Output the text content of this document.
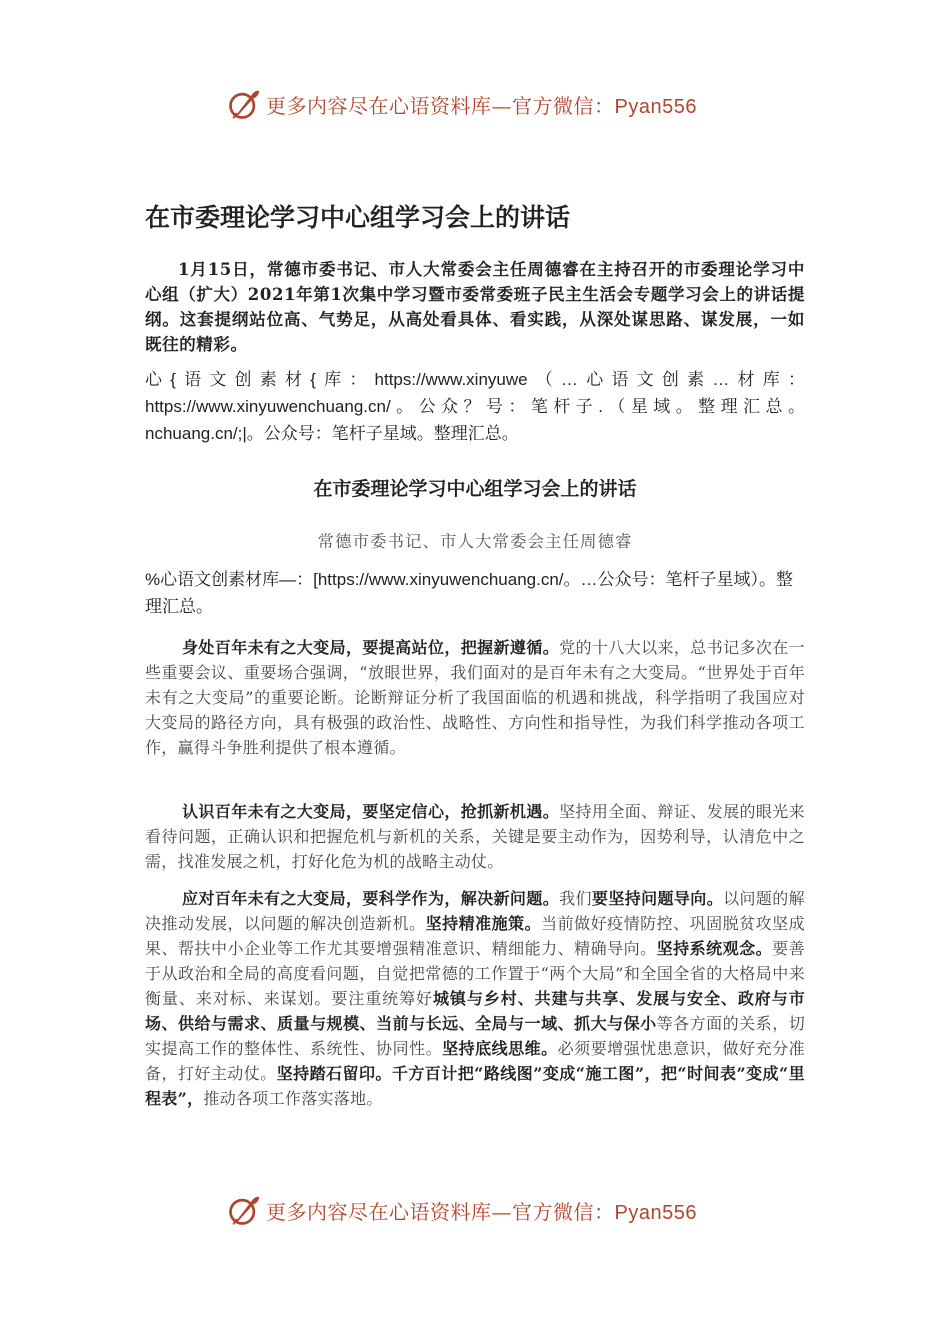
更多内容尽在心语资料库—官方微信：Pyan556
在市委理论学习中心组学习会上的讲话

1月15日，常德市委书记、市人大常委会主任周德睿在主持召开的市委理论学习中心组（扩大）2021年第1次集中学习暨市委常委班子民主生活会专题学习会上的讲话提纲。这套提纲站位高、气势足，从高处看具体、看实践，从深处谋思路、谋发展，一如既往的精彩。

心{语文创素材{库：https://www.xinyuwe（…心语文创素…材库：https://www.xinyuwenchuang.cn/。公众？号：笔杆子.（星域。整理汇总。nchuang.cn/;|。公众号：笔杆子星域。整理汇总。

在市委理论学习中心组学习会上的讲话
常德市委书记、市人大常委会主任周德睿

%心语文创素材库—：[https://www.xinyuwenchuang.cn/。…公众号：笔杆子星域）。整理汇总。

身处百年未有之大变局，要提高站位，把握新遵循。党的十八大以来，总书记多次在一些重要会议、重要场合强调，“放眼世界，我们面对的是百年未有之大变局。“世界处于百年未有之大变局”的重要论断。论断辩证分析了我国面临的机遇和挑战，科学指明了我国应对大变局的路径方向，具有极强的政治性、战略性、方向性和指导性，为我们科学推动各项工作，赢得斗争胜利提供了根本遵循。

认识百年未有之大变局，要坚定信心，抢抓新机遇。坚持用全面、辩证、发展的眼光来看待问题，正确认识和把握危机与新机的关系，关键是要主动作为，因势利导，认清危中之需，找准发展之机，打好化危为机的战略主动仗。

应对百年未有之大变局，要科学作为，解决新问题。我们要坚持问题导向。以问题的解决推动发展，以问题的解决创造新机。坚持精准施策。当前做好疫情防控、巩固脱贫攻坚成果、帮扶中小企业等工作尤其要增强精准意识、精细能力、精确导向。坚持系统观念。要善于从政治和全局的高度看问题，自觉把常德的工作置于“两个大局”和全国全省的大格局中来衡量、来对标、来谋划。要注重统筹好城镇与乡村、共建与共享、发展与安全、政府与市场、供给与需求、质量与规模、当前与长远、全局与一域、抓大与保小等各方面的关系，切实提高工作的整体性、系统性、协同性。坚持底线思维。必须要增强忧患意识，做好充分准备，打好主动仗。坚持踏石留印。千方百计把“路线图”变成“施工图”，把“时间表”变成“里程表”，推动各项工作落实落地。

更多内容尽在心语资料库—官方微信：Pyan556
